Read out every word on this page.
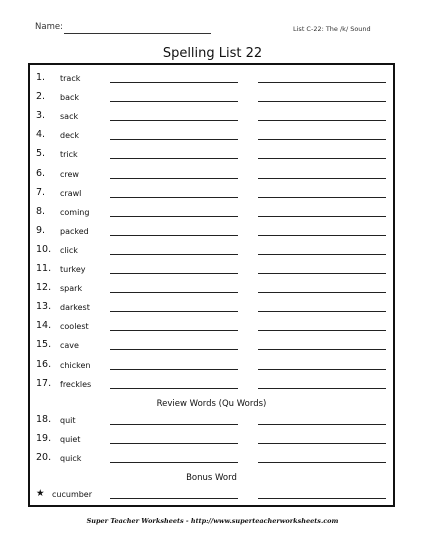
Name:	List C-22: The /k/ Sound
Spelling List 22
1. track
2. back
3. sack
4. deck
5. trick
6. crew
7. crawl
8. coming
9. packed
10. click
11. turkey
12. spark
13. darkest
14. coolest
15. cave
16. chicken
17. freckles
18. quit
19. quiet
20. quick
★ cucumber
Review Words (Qu Words)
Bonus Word
Super Teacher Worksheets - http://www.superteacherworksheets.com
